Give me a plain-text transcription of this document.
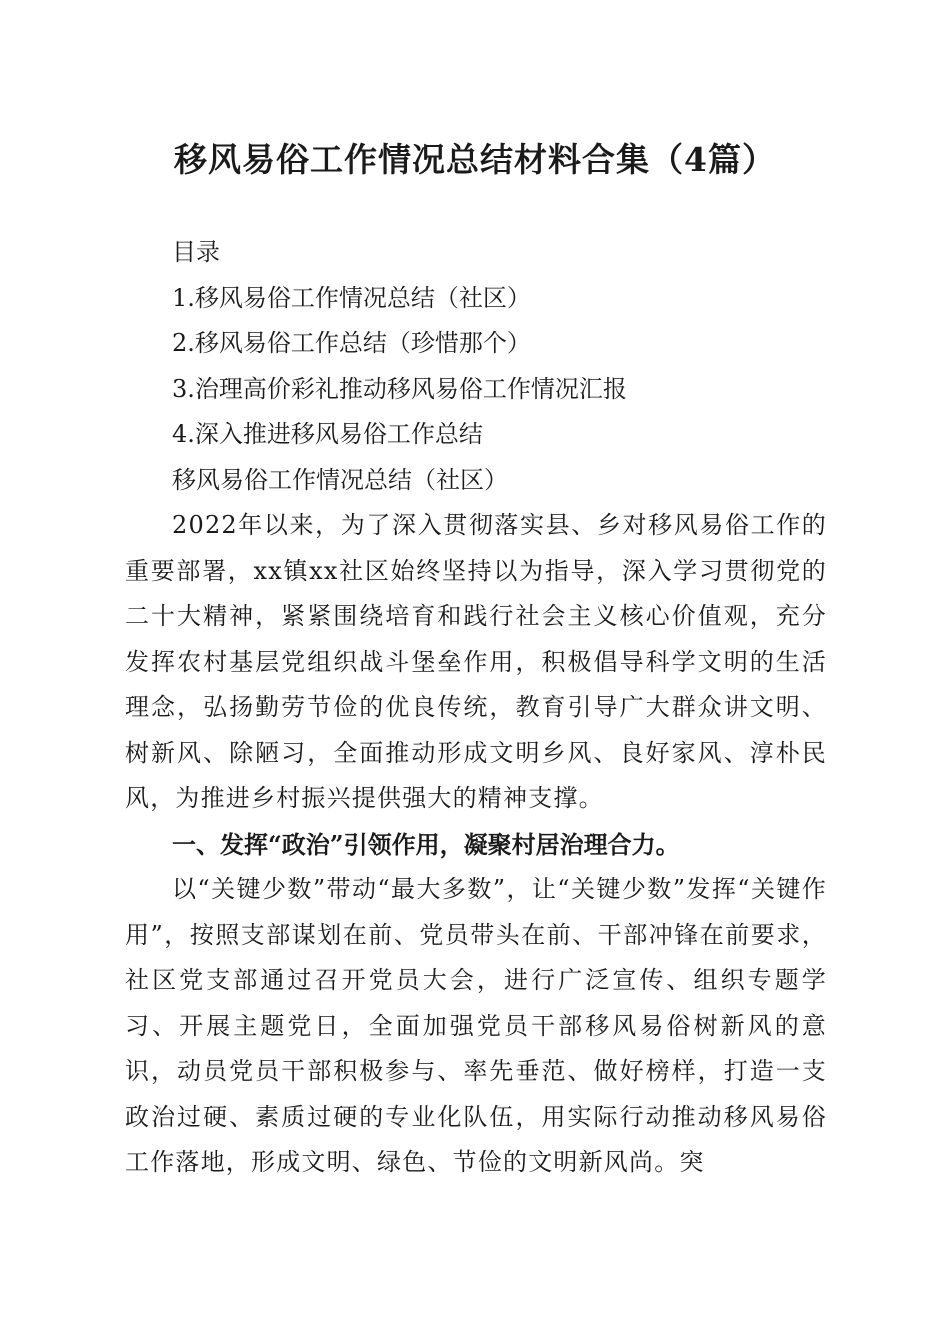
移风易俗工作情况总结材料合集（4篇）
目录
1.移风易俗工作情况总结（社区）
2.移风易俗工作总结（珍惜那个）
3.治理高价彩礼推动移风易俗工作情况汇报
4.深入推进移风易俗工作总结
移风易俗工作情况总结（社区）
2022年以来，为了深入贯彻落实县、乡对移风易俗工作的重要部署，xx镇xx社区始终坚持以为指导，深入学习贯彻党的二十大精神，紧紧围绕培育和践行社会主义核心价值观，充分发挥农村基层党组织战斗堡垒作用，积极倡导科学文明的生活理念，弘扬勤劳节俭的优良传统，教育引导广大群众讲文明、树新风、除陋习，全面推动形成文明乡风、良好家风、淳朴民风，为推进乡村振兴提供强大的精神支撑。
一、发挥“政治”引领作用，凝聚村居治理合力。
以“关键少数”带动“最大多数”，让“关键少数”发挥“关键作用”，按照支部谋划在前、党员带头在前、干部冲锋在前要求，社区党支部通过召开党员大会，进行广泛宣传、组织专题学习、开展主题党日，全面加强党员干部移风易俗树新风的意识，动员党员干部积极参与、率先垂范、做好榜样，打造一支政治过硬、素质过硬的专业化队伍，用实际行动推动移风易俗工作落地，形成文明、绿色、节俭的文明新风尚。突
